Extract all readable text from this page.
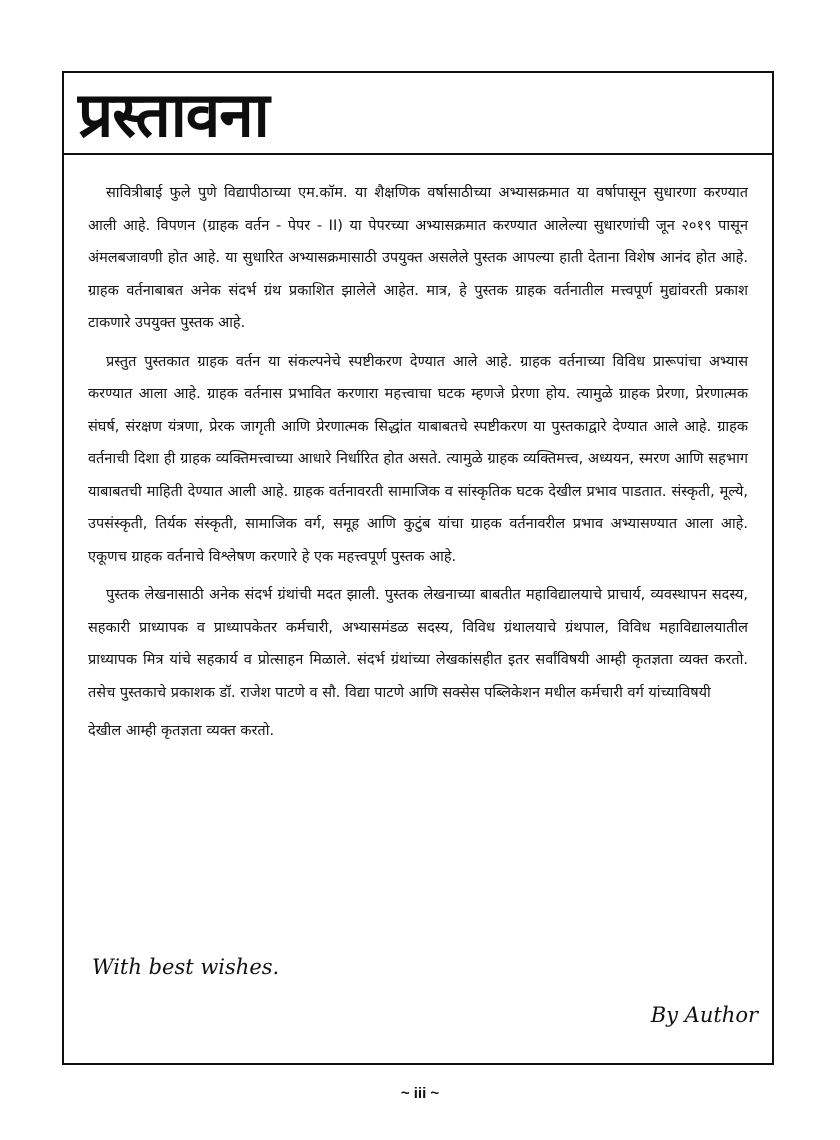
प्रस्तावना

सावित्रीबाई फुले पुणे विद्यापीठाच्या एम.कॉम. या शैक्षणिक वर्षासाठीच्या अभ्यासक्रमात या वर्षापासून सुधारणा करण्यात आली आहे. विपणन (ग्राहक वर्तन - पेपर - II) या पेपरच्या अभ्यासक्रमात करण्यात आलेल्या सुधारणांची जून २०१९ पासून अंमलबजावणी होत आहे. या सुधारित अभ्यासक्रमासाठी उपयुक्त असलेले पुस्तक आपल्या हाती देताना विशेष आनंद होत आहे. ग्राहक वर्तनाबाबत अनेक संदर्भ ग्रंथ प्रकाशित झालेले आहेत. मात्र, हे पुस्तक ग्राहक वर्तनातील मत्त्वपूर्ण मुद्यांवरती प्रकाश टाकणारे उपयुक्त पुस्तक आहे.

प्रस्तुत पुस्तकात ग्राहक वर्तन या संकल्पनेचे स्पष्टीकरण देण्यात आले आहे. ग्राहक वर्तनाच्या विविध प्रारूपांचा अभ्यास करण्यात आला आहे. ग्राहक वर्तनास प्रभावित करणारा महत्त्वाचा घटक म्हणजे प्रेरणा होय. त्यामुळे ग्राहक प्रेरणा, प्रेरणात्मक संघर्ष, संरक्षण यंत्रणा, प्रेरक जागृती आणि प्रेरणात्मक सिद्धांत याबाबतचे स्पष्टीकरण या पुस्तकाद्वारे देण्यात आले आहे. ग्राहक वर्तनाची दिशा ही ग्राहक व्यक्तिमत्त्वाच्या आधारे निर्धारित होत असते. त्यामुळे ग्राहक व्यक्तिमत्त्व, अध्ययन, स्मरण आणि सहभाग याबाबतची माहिती देण्यात आली आहे. ग्राहक वर्तनावरती सामाजिक व सांस्कृतिक घटक देखील प्रभाव पाडतात. संस्कृती, मूल्ये, उपसंस्कृती, तिर्यक संस्कृती, सामाजिक वर्ग, समूह आणि कुटुंब यांचा ग्राहक वर्तनावरील प्रभाव अभ्यासण्यात आला आहे. एकूणच ग्राहक वर्तनाचे विश्लेषण करणारे हे एक महत्त्वपूर्ण पुस्तक आहे.

पुस्तक लेखनासाठी अनेक संदर्भ ग्रंथांची मदत झाली. पुस्तक लेखनाच्या बाबतीत महाविद्यालयाचे प्राचार्य, व्यवस्थापन सदस्य, सहकारी प्राध्यापक व प्राध्यापकेतर कर्मचारी, अभ्यासमंडळ सदस्य, विविध ग्रंथालयाचे ग्रंथपाल, विविध महाविद्यालयातील प्राध्यापक मित्र यांचे सहकार्य व प्रोत्साहन मिळाले. संदर्भ ग्रंथांच्या लेखकांसहीत इतर सर्वांविषयी आम्ही कृतज्ञता व्यक्त करतो. तसेच पुस्तकाचे प्रकाशक डॉ. राजेश पाटणे व सौ. विद्या पाटणे आणि सक्सेस पब्लिकेशन मधील कर्मचारी वर्ग यांच्याविषयी

देखील आम्ही कृतज्ञता व्यक्त करतो.

With best wishes.
By Author
~ iii ~
